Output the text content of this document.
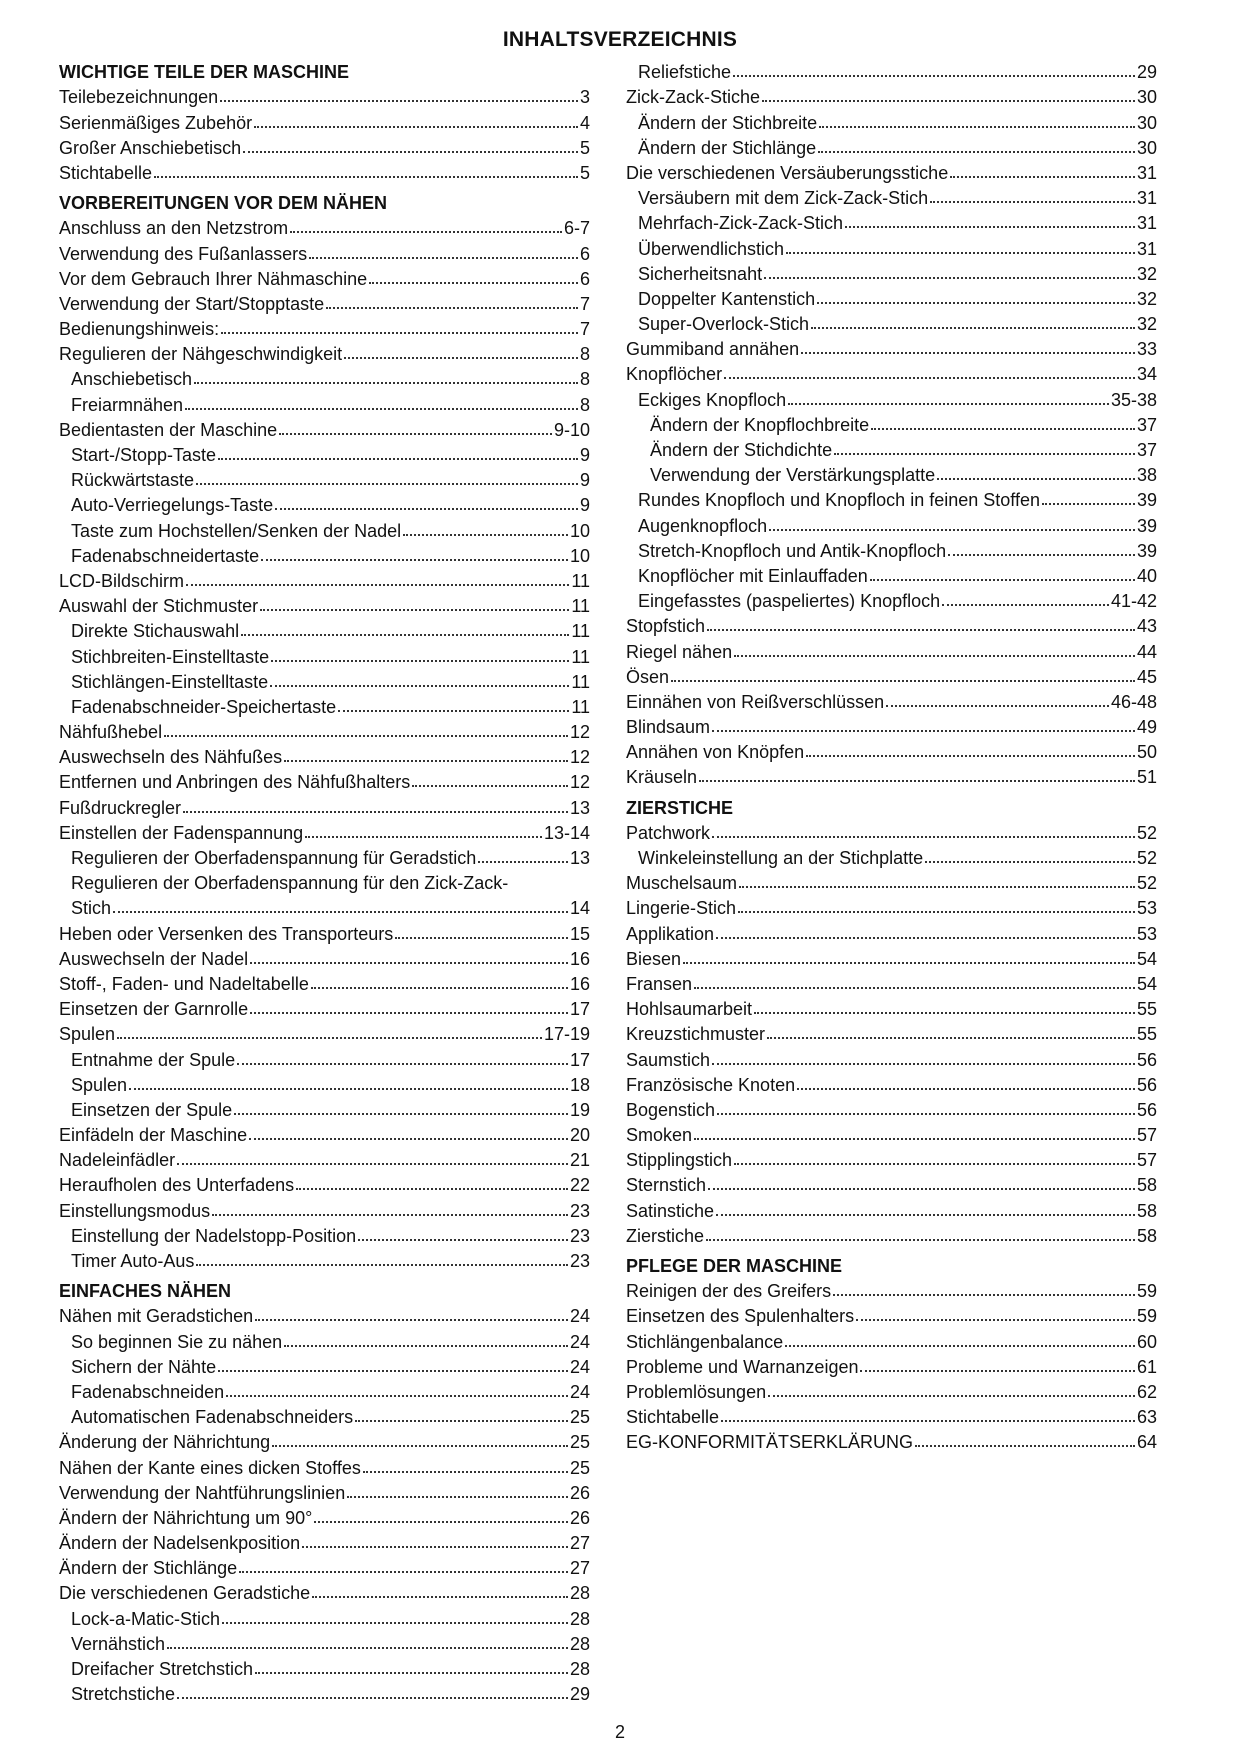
INHALTSVERZEICHNIS
WICHTIGE TEILE DER MASCHINE
Teilebezeichnungen	3
Serienmäßiges Zubehör	4
Großer Anschiebetisch	5
Stichtabelle	5
VORBEREITUNGEN VOR DEM NÄHEN
Anschluss an den Netzstrom	6-7
Verwendung des Fußanlassers	6
Vor dem Gebrauch Ihrer Nähmaschine	6
Verwendung der Start/Stopptaste	7
Bedienungshinweis:	7
Regulieren der Nähgeschwindigkeit	8
Anschiebetisch	8
Freiarmnähen	8
Bedientasten der Maschine	9-10
Start-/Stopp-Taste	9
Rückwärtstaste	9
Auto-Verriegelungs-Taste	9
Taste zum Hochstellen/Senken der Nadel	10
Fadenabschneidertaste	10
LCD-Bildschirm	11
Auswahl der Stichmuster	11
Direkte Stichauswahl	11
Stichbreiten-Einstelltaste	11
Stichlängen-Einstelltaste	11
Fadenabschneider-Speichertaste	11
Nähfußhebel	12
Auswechseln des Nähfußes	12
Entfernen und Anbringen des Nähfußhalters	12
Fußdruckregler	13
Einstellen der Fadenspannung	13-14
Regulieren der Oberfadenspannung für Geradstich	13
Regulieren der Oberfadenspannung für den Zick-Zack-
Stich	14
Heben oder Versenken des Transporteurs	15
Auswechseln der Nadel	16
Stoff-, Faden- und Nadeltabelle	16
Einsetzen der Garnrolle	17
Spulen	17-19
Entnahme der Spule	17
Spulen	18
Einsetzen der Spule	19
Einfädeln der Maschine	20
Nadeleinfädler	21
Heraufholen des Unterfadens	22
Einstellungsmodus	23
Einstellung der Nadelstopp-Position	23
Timer Auto-Aus	23
EINFACHES NÄHEN
Nähen mit Geradstichen	24
So beginnen Sie zu nähen	24
Sichern der Nähte	24
Fadenabschneiden	24
Automatischen Fadenabschneiders	25
Änderung der Nährichtung	25
Nähen der Kante eines dicken Stoffes	25
Verwendung der Nahtführungslinien	26
Ändern der Nährichtung um 90°	26
Ändern der Nadelsenkposition	27
Ändern der Stichlänge	27
Die verschiedenen Geradstiche	28
Lock-a-Matic-Stich	28
Vernähstich	28
Dreifacher Stretchstich	28
Stretchstiche	29
Reliefstiche	29
Zick-Zack-Stiche	30
Ändern der Stichbreite	30
Ändern der Stichlänge	30
Die verschiedenen Versäuberungsstiche	31
Versäubern mit dem Zick-Zack-Stich	31
Mehrfach-Zick-Zack-Stich	31
Überwendlichstich	31
Sicherheitsnaht	32
Doppelter Kantenstich	32
Super-Overlock-Stich	32
Gummiband annähen	33
Knopflöcher	34
Eckiges Knopfloch	35-38
Ändern der Knopflochbreite	37
Ändern der Stichdichte	37
Verwendung der Verstärkungsplatte	38
Rundes Knopfloch und Knopfloch in feinen Stoffen	39
Augenknopfloch	39
Stretch-Knopfloch und Antik-Knopfloch	39
Knopflöcher mit Einlauffaden	40
Eingefasstes (paspeliertes) Knopfloch	41-42
Stopfstich	43
Riegel nähen	44
Ösen	45
Einnähen von Reißverschlüssen	46-48
Blindsaum	49
Annähen von Knöpfen	50
Kräuseln	51
ZIERSTICHE
Patchwork	52
Winkeleinstellung an der Stichplatte	52
Muschelsaum	52
Lingerie-Stich	53
Applikation	53
Biesen	54
Fransen	54
Hohlsaumarbeit	55
Kreuzstichmuster	55
Saumstich	56
Französische Knoten	56
Bogenstich	56
Smoken	57
Stipplingstich	57
Sternstich	58
Satinstiche	58
Zierstiche	58
PFLEGE DER MASCHINE
Reinigen der des Greifers	59
Einsetzen des Spulenhalters	59
Stichlängenbalance	60
Probleme und Warnanzeigen	61
Problemlösungen	62
Stichtabelle	63
EG-KONFORMITÄTSERKLÄRUNG	64
2
